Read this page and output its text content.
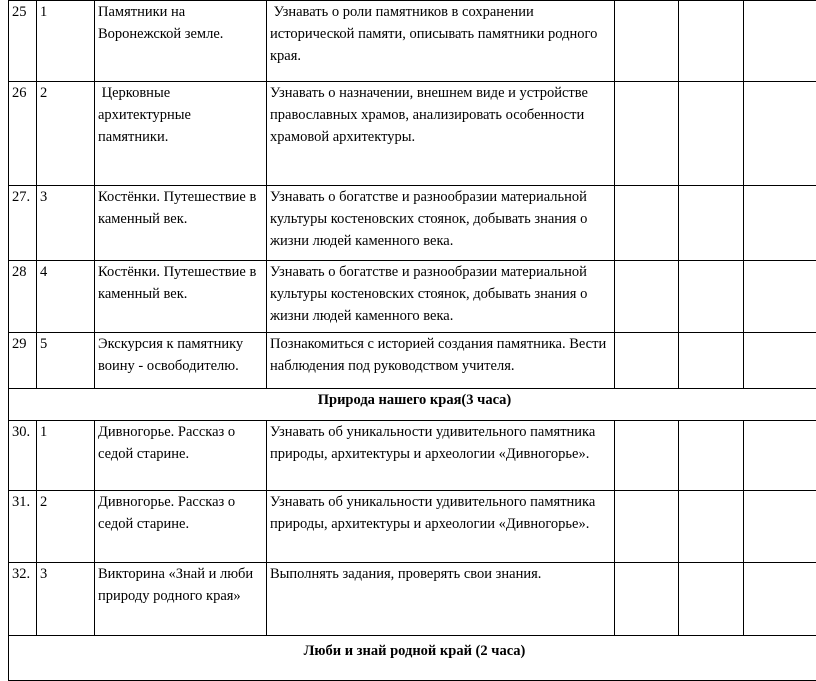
25	1	Памятники на Воронежской земле.	Узнавать о роли памятников в сохранении исторической памяти, описывать памятники родного края.			
26	2	Церковные архитектурные памятники.	Узнавать о назначении, внешнем виде и устройстве православных храмов, анализировать особенности храмовой архитектуры.			
27.	3	Костёнки. Путешествие в каменный век.	Узнавать о богатстве и разнообразии материальной культуры костеновских стоянок, добывать знания о жизни людей каменного века.			
28	4	Костёнки. Путешествие в каменный век.	Узнавать о богатстве и разнообразии материальной культуры костеновских стоянок, добывать знания о жизни людей каменного века.			
29	5	Экскурсия к памятнику воину - освободителю.	Познакомиться с историей создания памятника. Вести наблюдения под руководством учителя.			
Природа нашего края(3 часа)						
30.	1	Дивногорье. Рассказ о седой старине.	Узнавать об уникальности удивительного памятника природы, архитектуры и археологии «Дивногорье».			
31.	2	Дивногорье. Рассказ о седой старине.	Узнавать об уникальности удивительного памятника природы, архитектуры и археологии «Дивногорье».			
32.	3	Викторина «Знай и люби природу родного края»	Выполнять задания, проверять свои знания.			
Люби и знай родной край (2 часа)						
